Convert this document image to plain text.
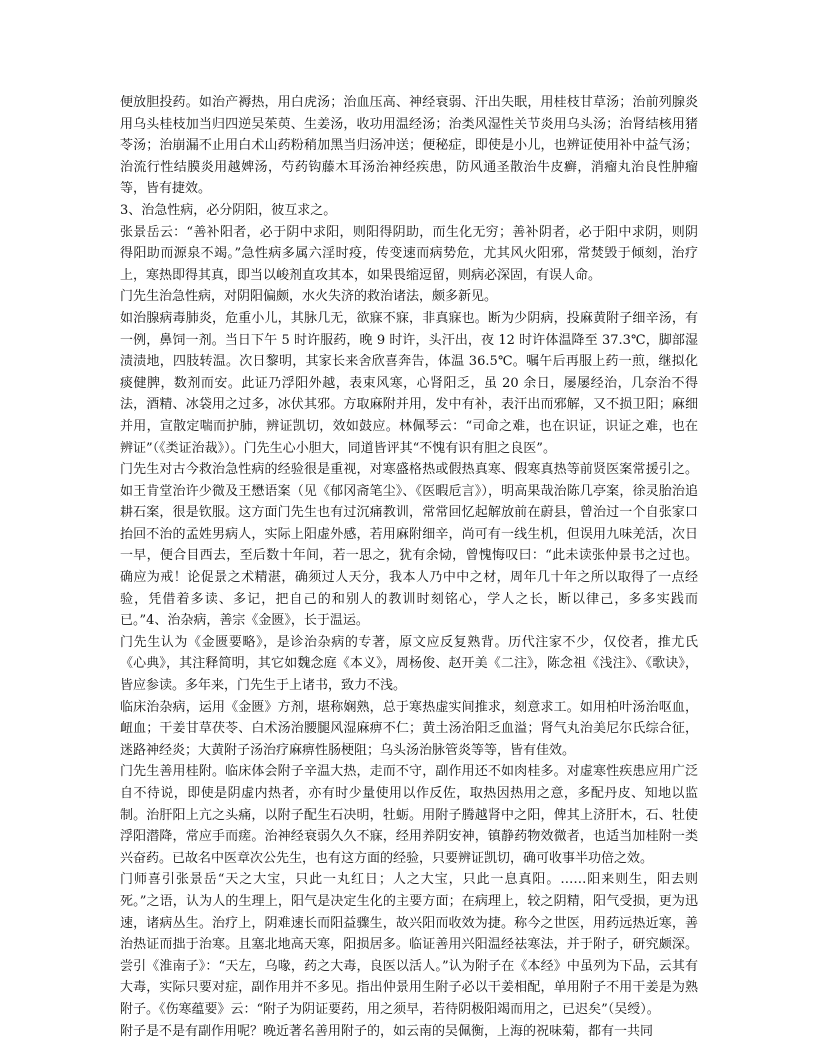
便放胆投药。如治产褥热，用白虎汤；治血压高、神经衰弱、汗出失眠，用桂枝甘草汤；治前列腺炎用乌头桂枝加当归四逆吴茱萸、生姜汤，收功用温经汤；治类风湿性关节炎用乌头汤；治肾结核用猪苓汤；治崩漏不止用白术山药粉稍加黑当归汤冲送；便秘症，即使是小儿，也辨证使用补中益气汤；治流行性结膜炎用越婢汤，芍药钩藤木耳汤治神经疾患，防风通圣散治牛皮癣，消瘤丸治良性肿瘤等，皆有捷效。

3、治急性病，必分阴阳，彼互求之。

张景岳云：“善补阳者，必于阴中求阳，则阳得阴助，而生化无穷；善补阴者，必于阳中求阴，则阴得阳助而源泉不竭。”急性病多属六淫时疫，传变速而病势危，尤其风火阳邪，常焚毁于倾刻，治疗上，寒热即得其真，即当以峻剂直攻其本，如果畏缩逗留，则病必深固，有误人命。

门先生治急性病，对阴阳偏颇，水火失济的救治诸法，颇多新见。

如治腺病毒肺炎，危重小儿，其脉几无，欲寐不寐，非真寐也。断为少阴病，投麻黄附子细辛汤，有一例，鼻饲一剂。当日下午 5 时许服药，晚 9 时许，头汗出，夜 12 时许体温降至 37.3℃，脚部湿渍渍地，四肢转温。次日黎明，其家长来舍欣喜奔告，体温 36.5℃。嘱午后再服上药一煎，继拟化痰健脾，数剂而安。此证乃浮阳外越，表束风寒，心肾阳乏，虽 20 余日，屡屡经治，几奈治不得法，酒精、冰袋用之过多，冰伏其邪。方取麻附并用，发中有补，表汗出而邪解，又不损卫阳；麻细并用，宣散定喘而护肺，辨证凯切，效如鼓应。林佩琴云：“司命之难，也在识证，识证之难，也在辨证”（《类证治裁》）。门先生心小胆大，同道皆评其“不愧有识有胆之良医”。

门先生对古今救治急性病的经验很是重视，对寒盛格热或假热真寒、假寒真热等前贤医案常援引之。如王肯堂治许少微及王懋语案（见《郁冈斋笔尘》、《医暇卮言》），明高果哉治陈几亭案，徐灵胎治追耕石案，很是钦服。这方面门先生也有过沉痛教训，常常回忆起解放前在蔚县，曾治过一个自张家口抬回不治的孟姓男病人，实际上阳虚外感，若用麻附细辛，尚可有一线生机，但误用九味羌活，次日一早，便合目西去，至后数十年间，若一思之，犹有余恸，曾愧悔叹曰：“此未读张仲景书之过也。确应为戒！论促景之术精湛，确须过人天分，我本人乃中中之材，周年几十年之所以取得了一点经验，凭借着多读、多记，把自己的和别人的教训时刻铭心，学人之长，断以律己，多多实践而已。”4、治杂病，善宗《金匮》，长于温运。

门先生认为《金匮要略》，是诊治杂病的专著，原文应反复熟背。历代注家不少，仅佼者，推尤氏《心典》，其注释简明，其它如魏念庭《本义》，周杨俊、赵开美《二注》，陈念祖《浅注》、《歌诀》，皆应参读。多年来，门先生于上诸书，致力不浅。

临床治杂病，运用《金匮》方剂，堪称娴熟，总于寒热虚实间推求，刻意求工。如用柏叶汤治呕血，衄血；干姜甘草茯苓、白术汤治腰腿风湿麻痹不仁；黄土汤治阳乏血溢；肾气丸治美尼尔氏综合征，迷路神经炎；大黄附子汤治疗麻痹性肠梗阻；乌头汤治脉管炎等等，皆有佳效。

门先生善用桂附。临床体会附子辛温大热，走而不守，副作用还不如肉桂多。对虚寒性疾患应用广泛自不待说，即使是阴虚内热者，亦有时少量使用以作反佐，取热因热用之意，多配丹皮、知地以监制。治肝阳上亢之头痛，以附子配生石决明，牡蛎。用附子腾越肾中之阳，俾其上济肝木，石、牡使浮阳潜降，常应手而瘥。治神经衰弱久久不寐，经用养阴安神，镇静药物效微者，也适当加桂附一类兴奋药。已故名中医章次公先生，也有这方面的经验，只要辨证凯切，确可收事半功倍之效。

门师喜引张景岳“天之大宝，只此一丸红日；人之大宝，只此一息真阳。……阳来则生，阳去则死。”之语，认为人的生理上，阳气是决定生化的主要方面；在病理上，较之阴精，阳气受损，更为迅速，诸病丛生。治疗上，阴难速长而阳益骤生，故兴阳而收效为捷。称今之世医，用药远热近寒，善治热证而拙于治寒。且塞北地高天寒，阳损居多。临证善用兴阳温经祛寒法，并于附子，研究颇深。尝引《淮南子》：“天左，乌喙，药之大毒，良医以活人。”认为附子在《本经》中虽列为下品，云其有大毒，实际只要对症，副作用并不多见。指出仲景用生附子必以干姜相配，单用附子不用干姜是为熟附子。《伤寒蕴要》云：“附子为阴证要药，用之须早，若待阴极阳竭而用之，已迟矣”（吴绶）。

附子是不是有副作用呢？晚近著名善用附子的，如云南的吴佩衡，上海的祝味菊，都有一共同
